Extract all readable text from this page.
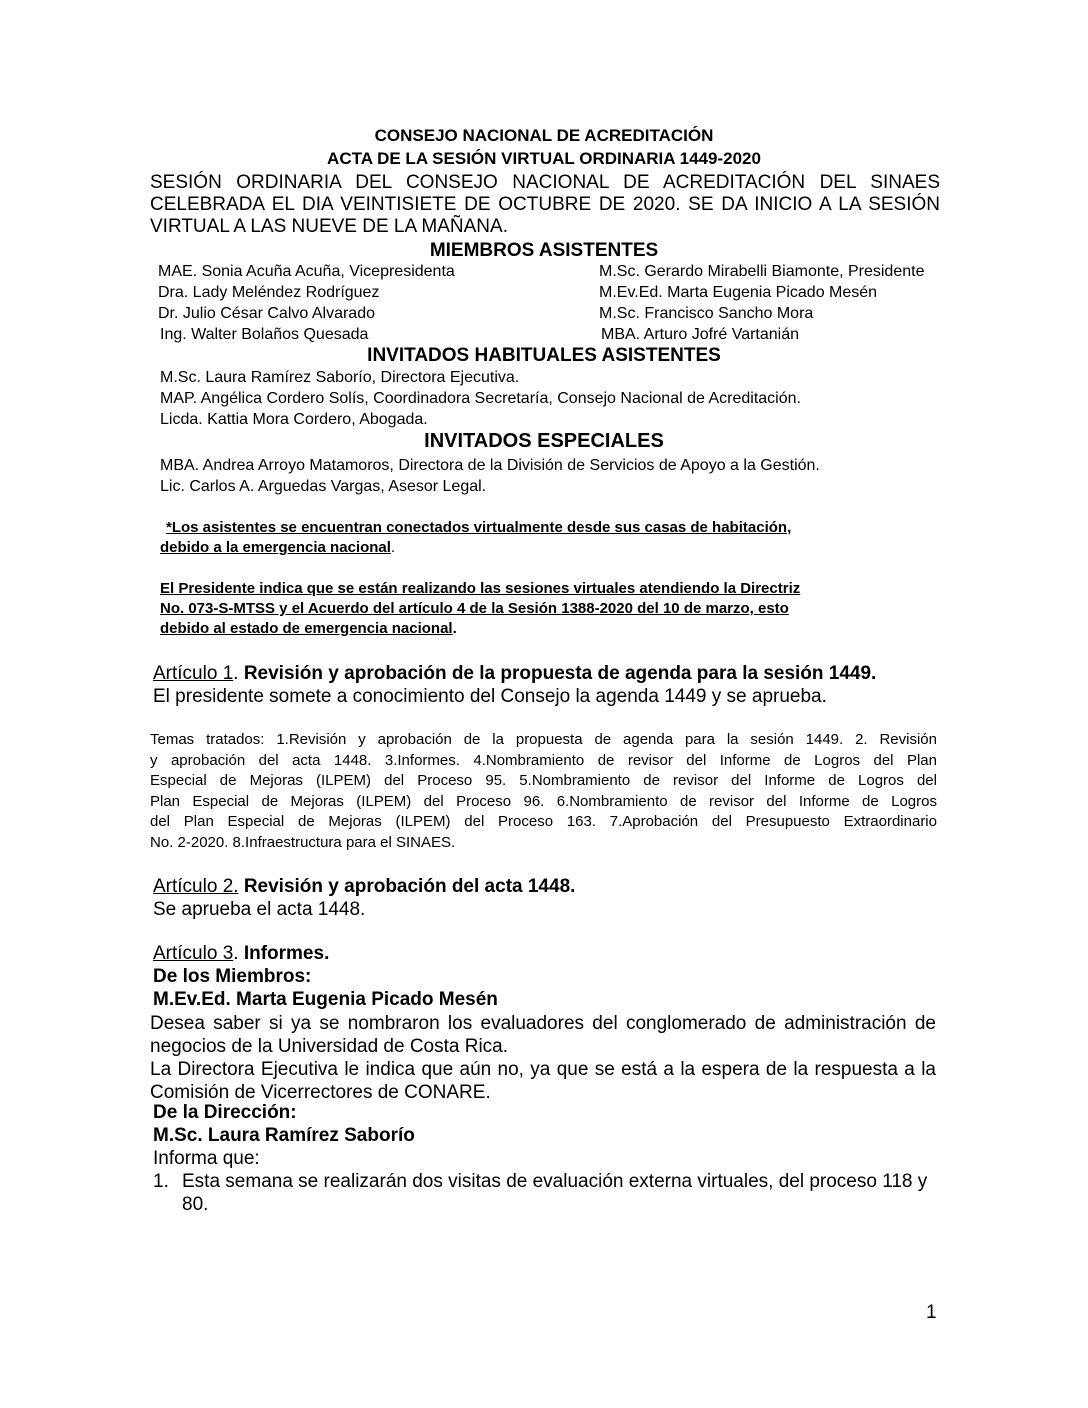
CONSEJO NACIONAL DE ACREDITACIÓN
ACTA DE LA SESIÓN VIRTUAL ORDINARIA 1449-2020
SESIÓN ORDINARIA DEL CONSEJO NACIONAL DE ACREDITACIÓN DEL SINAES
CELEBRADA EL DIA VEINTISIETE DE OCTUBRE DE 2020. SE DA INICIO A LA SESIÓN
VIRTUAL A LAS NUEVE DE LA MAÑANA.
MIEMBROS ASISTENTES
MAE. Sonia Acuña Acuña, Vicepresidenta
Dra. Lady Meléndez Rodríguez
Dr. Julio César Calvo Alvarado
Ing. Walter Bolaños Quesada
M.Sc. Gerardo Mirabelli Biamonte, Presidente
M.Ev.Ed. Marta Eugenia Picado Mesén
M.Sc. Francisco Sancho Mora
MBA. Arturo Jofré Vartanián
INVITADOS HABITUALES ASISTENTES
M.Sc. Laura Ramírez Saborío, Directora Ejecutiva.
MAP. Angélica Cordero Solís, Coordinadora Secretaría, Consejo Nacional de Acreditación.
Licda. Kattia Mora Cordero, Abogada.
INVITADOS ESPECIALES
MBA. Andrea Arroyo Matamoros, Directora de la División de Servicios de Apoyo a la Gestión.
Lic. Carlos A. Arguedas Vargas, Asesor Legal.
*Los asistentes se encuentran conectados virtualmente desde sus casas de habitación,
debido a la emergencia nacional.
El Presidente indica que se están realizando las sesiones virtuales atendiendo la Directriz
No. 073-S-MTSS y el Acuerdo del artículo 4 de la Sesión 1388-2020 del 10 de marzo, esto
debido al estado de emergencia nacional.
Artículo 1. Revisión y aprobación de la propuesta de agenda para la sesión 1449.
El presidente somete a conocimiento del Consejo la agenda 1449 y se aprueba.
Temas tratados: 1.Revisión y aprobación de la propuesta de agenda para la sesión 1449. 2. Revisión
y aprobación del acta 1448. 3.Informes. 4.Nombramiento de revisor del Informe de Logros del Plan
Especial de Mejoras (ILPEM) del Proceso 95. 5.Nombramiento de revisor del Informe de Logros del
Plan Especial de Mejoras (ILPEM) del Proceso 96. 6.Nombramiento de revisor del Informe de Logros
del Plan Especial de Mejoras (ILPEM) del Proceso 163. 7.Aprobación del Presupuesto Extraordinario
No. 2-2020. 8.Infraestructura para el SINAES.
Artículo 2. Revisión y aprobación del acta 1448.
Se aprueba el acta 1448.
Artículo 3. Informes.
De los Miembros:
M.Ev.Ed. Marta Eugenia Picado Mesén
Desea saber si ya se nombraron los evaluadores del conglomerado de administración de
negocios de la Universidad de Costa Rica.
La Directora Ejecutiva le indica que aún no, ya que se está a la espera de la respuesta a la
Comisión de Vicerrectores de CONARE.
De la Dirección:
M.Sc. Laura Ramírez Saborío
Informa que:
1. Esta semana se realizarán dos visitas de evaluación externa virtuales, del proceso 118 y
80.
1
